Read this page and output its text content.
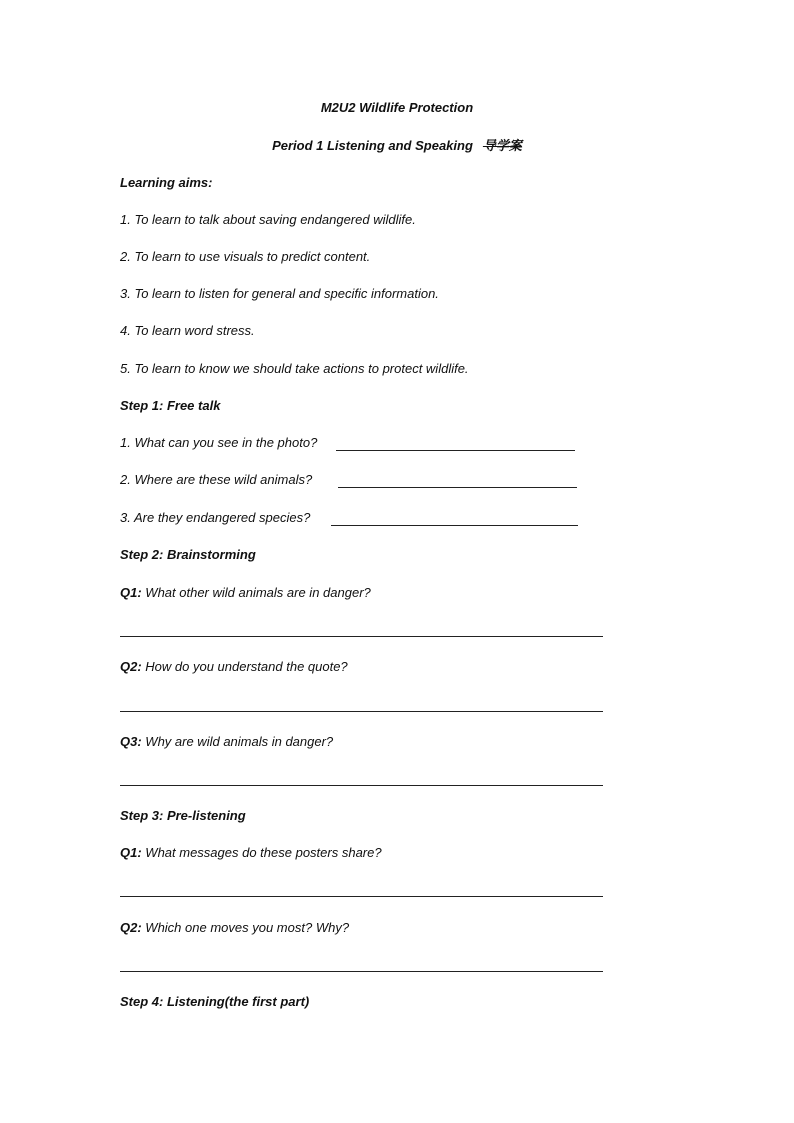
M2U2 Wildlife Protection
Period 1 Listening and Speaking 导学案
Learning aims:
1. To learn to talk about saving endangered wildlife.
2. To learn to use visuals to predict content.
3. To learn to listen for general and specific information.
4. To learn word stress.
5. To learn to know we should take actions to protect wildlife.
Step 1: Free talk
1. What can you see in the photo?
2. Where are these wild animals?
3. Are they endangered species?
Step 2: Brainstorming
Q1: What other wild animals are in danger?
Q2: How do you understand the quote?
Q3: Why are wild animals in danger?
Step 3: Pre-listening
Q1: What messages do these posters share?
Q2: Which one moves you most? Why?
Step 4: Listening(the first part)
